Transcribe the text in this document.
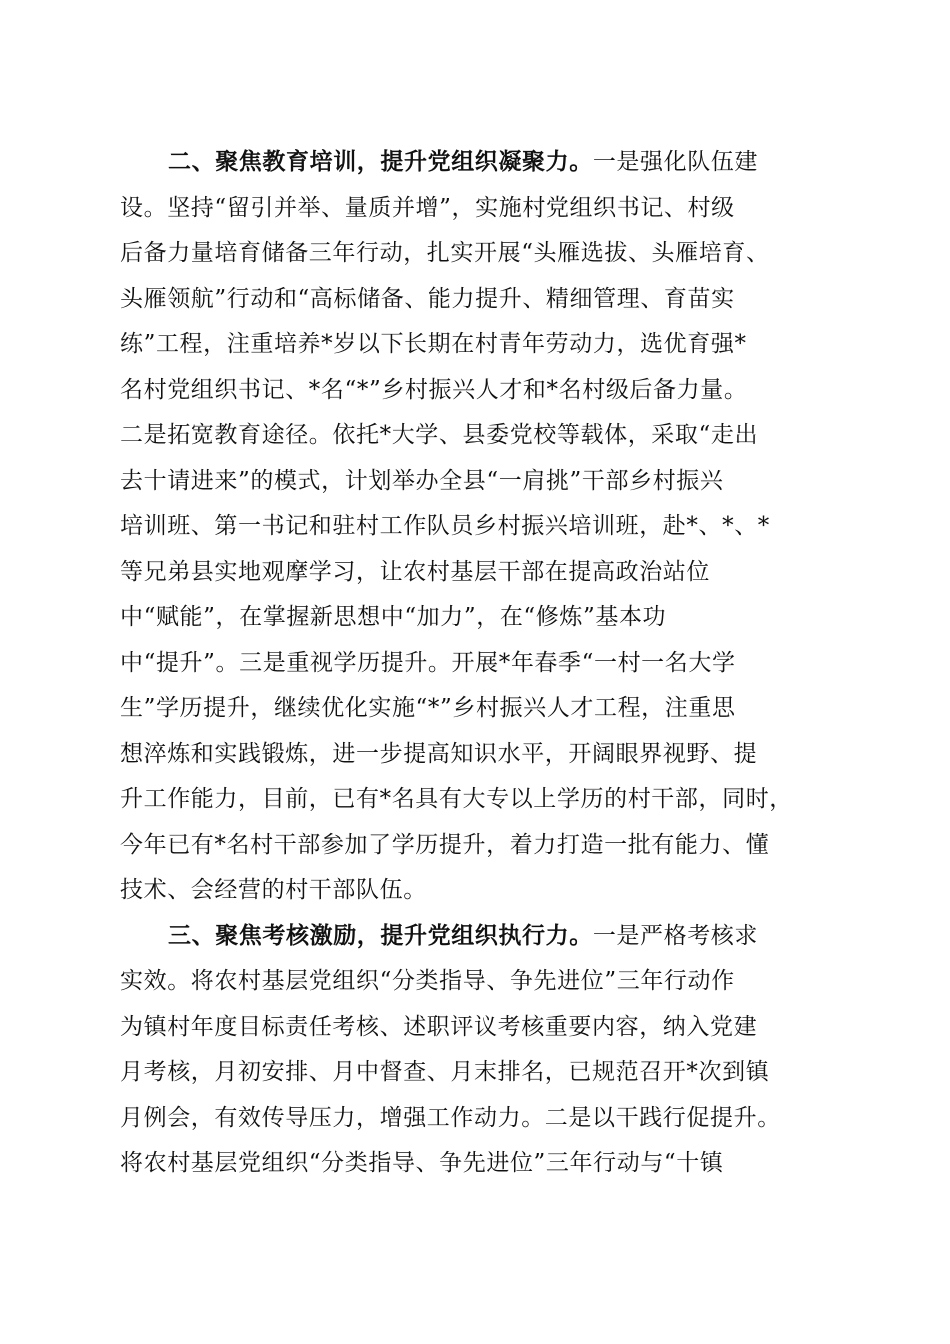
二、聚焦教育培训，提升党组织凝聚力。一是强化队伍建
设。坚持“留引并举、量质并增”，实施村党组织书记、村级
后备力量培育储备三年行动，扎实开展“头雁选拔、头雁培育、
头雁领航”行动和“高标储备、能力提升、精细管理、育苗实
练”工程，注重培养*岁以下长期在村青年劳动力，选优育强*
名村党组织书记、*名“*”乡村振兴人才和*名村级后备力量。
二是拓宽教育途径。依托*大学、县委党校等载体，采取“走出
去十请进来”的模式，计划举办全县“一肩挑”干部乡村振兴
培训班、第一书记和驻村工作队员乡村振兴培训班，赴*、*、*
等兄弟县实地观摩学习，让农村基层干部在提高政治站位
中“赋能”，在掌握新思想中“加力”，在“修炼”基本功
中“提升”。三是重视学历提升。开展*年春季“一村一名大学
生”学历提升，继续优化实施“*”乡村振兴人才工程，注重思
想淬炼和实践锻炼，进一步提高知识水平，开阔眼界视野、提
升工作能力，目前，已有*名具有大专以上学历的村干部，同时，
今年已有*名村干部参加了学历提升，着力打造一批有能力、懂
技术、会经营的村干部队伍。
三、聚焦考核激励，提升党组织执行力。一是严格考核求
实效。将农村基层党组织“分类指导、争先进位”三年行动作
为镇村年度目标责任考核、述职评议考核重要内容，纳入党建
月考核，月初安排、月中督查、月末排名，已规范召开*次到镇
月例会，有效传导压力，增强工作动力。二是以干践行促提升。
将农村基层党组织“分类指导、争先进位”三年行动与“十镇
